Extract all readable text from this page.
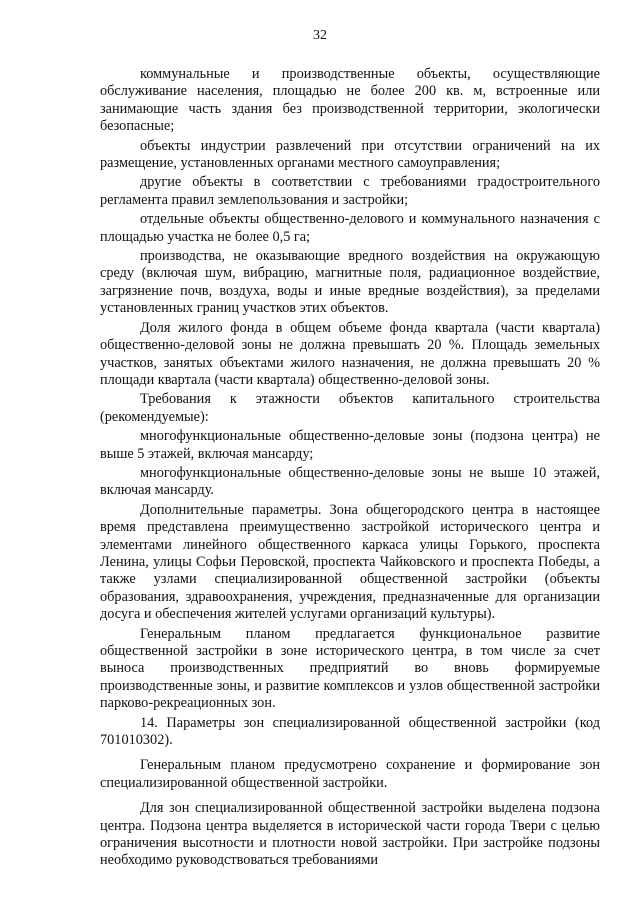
32

коммунальные и производственные объекты, осуществляющие обслуживание населения, площадью не более 200 кв. м, встроенные или занимающие часть здания без производственной территории, экологически безопасные;

объекты индустрии развлечений при отсутствии ограничений на их размещение, установленных органами местного самоуправления;

другие объекты в соответствии с требованиями градостроительного регламента правил землепользования и застройки;

отдельные объекты общественно-делового и коммунального назначения с площадью участка не более 0,5 га;

производства, не оказывающие вредного воздействия на окружающую среду (включая шум, вибрацию, магнитные поля, радиационное воздействие, загрязнение почв, воздуха, воды и иные вредные воздействия), за пределами установленных границ участков этих объектов.

Доля жилого фонда в общем объеме фонда квартала (части квартала) общественно-деловой зоны не должна превышать 20 %. Площадь земельных участков, занятых объектами жилого назначения, не должна превышать 20 % площади квартала (части квартала) общественно-деловой зоны.

Требования к этажности объектов капитального строительства (рекомендуемые):

многофункциональные общественно-деловые зоны (подзона центра) не выше 5 этажей, включая мансарду;

многофункциональные общественно-деловые зоны не выше 10 этажей, включая мансарду.

Дополнительные параметры. Зона общегородского центра в настоящее время представлена преимущественно застройкой исторического центра и элементами линейного общественного каркаса улицы Горького, проспекта Ленина, улицы Софьи Перовской, проспекта Чайковского и проспекта Победы, а также узлами специализированной общественной застройки (объекты образования, здравоохранения, учреждения, предназначенные для организации досуга и обеспечения жителей услугами организаций культуры).

Генеральным планом предлагается функциональное развитие общественной застройки в зоне исторического центра, в том числе за счет выноса производственных предприятий во вновь формируемые производственные зоны, и развитие комплексов и узлов общественной застройки парково-рекреационных зон.

14. Параметры зон специализированной общественной застройки (код 701010302).

Генеральным планом предусмотрено сохранение и формирование зон специализированной общественной застройки.

Для зон специализированной общественной застройки выделена подзона центра. Подзона центра выделяется в исторической части города Твери с целью ограничения высотности и плотности новой застройки. При застройке подзоны необходимо руководствоваться требованиями
